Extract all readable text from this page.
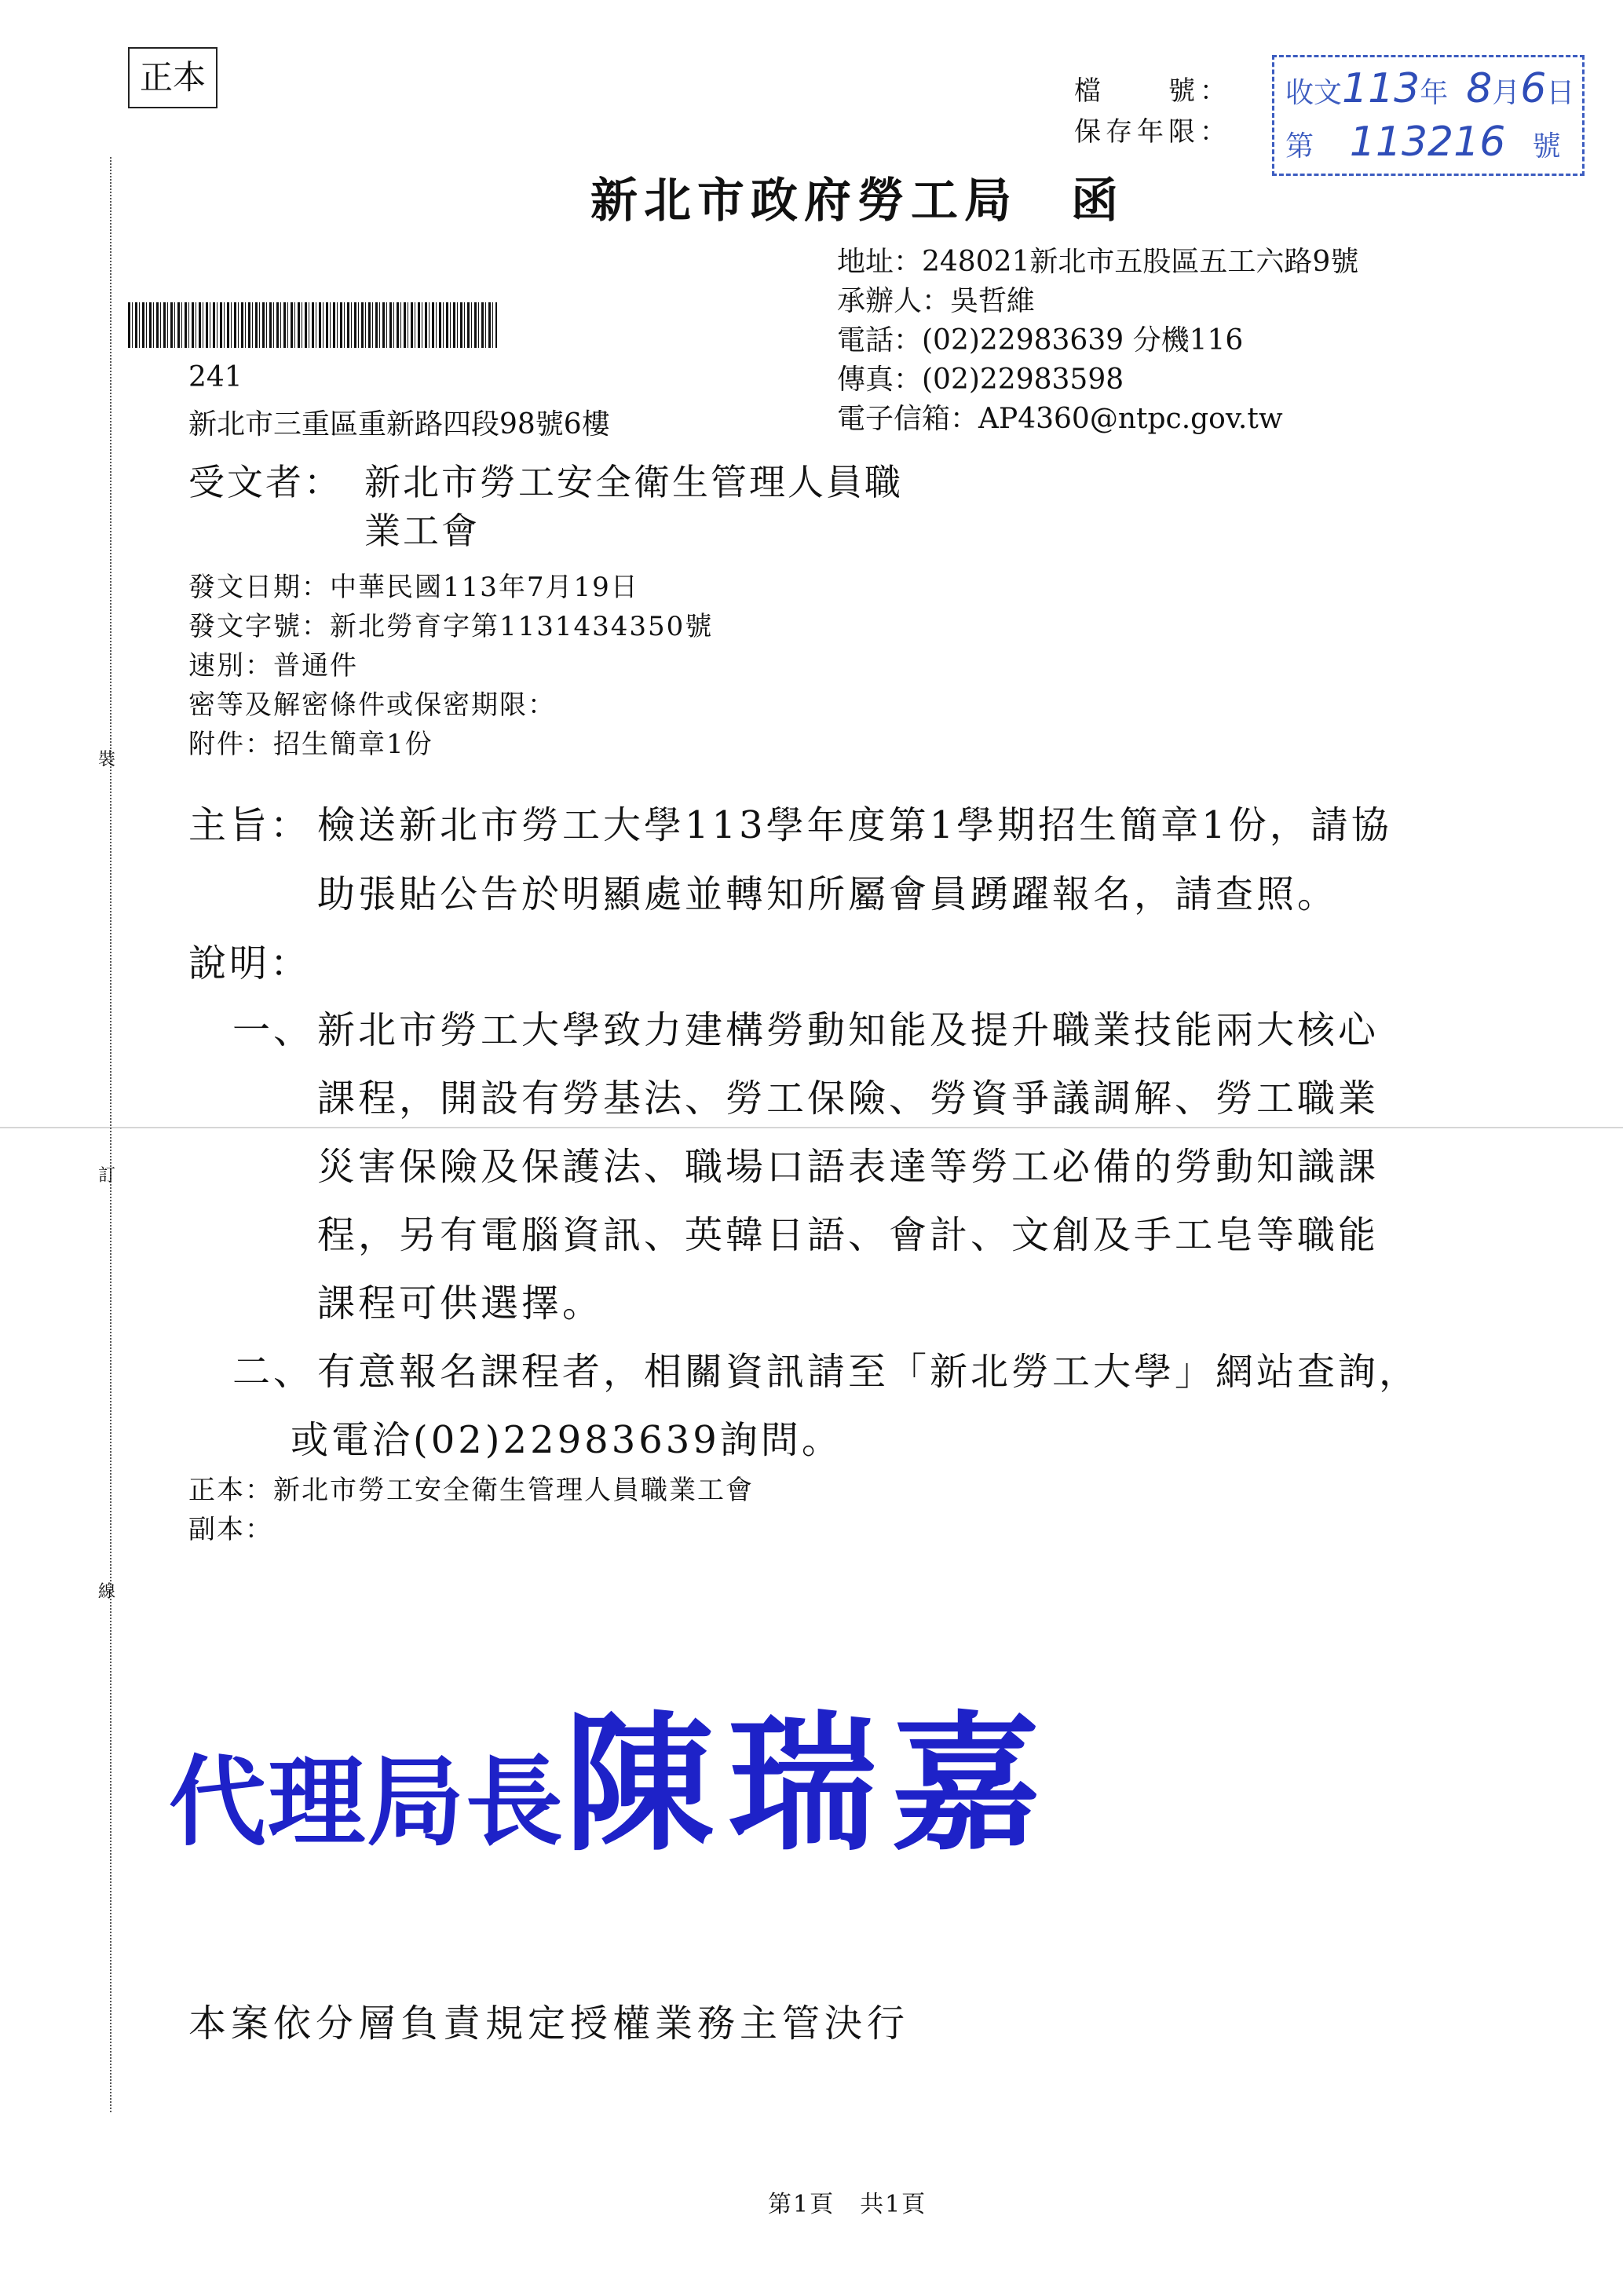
裝
訂
線
正本	檔　　號：
保存年限：
收文113年 8月6日
第 113216 號
新北市政府勞工局　函
地址：248021新北市五股區五工六路9號
承辦人：吳哲維
電話：(02)22983639 分機116
傳真：(02)22983598
電子信箱：AP4360@ntpc.gov.tw
241
新北市三重區重新路四段98號6樓
受文者： 新北市勞工安全衛生管理人員職
業工會
發文日期：中華民國113年7月19日
發文字號：新北勞育字第1131434350號
速別：普通件
密等及解密條件或保密期限：
附件：招生簡章1份
主旨： 檢送新北市勞工大學113學年度第1學期招生簡章1份，請協
助張貼公告於明顯處並轉知所屬會員踴躍報名，請查照。
說明：
一、 新北市勞工大學致力建構勞動知能及提升職業技能兩大核心
課程，開設有勞基法、勞工保險、勞資爭議調解、勞工職業
災害保險及保護法、職場口語表達等勞工必備的勞動知識課
程，另有電腦資訊、英韓日語、會計、文創及手工皂等職能
課程可供選擇。
二、 有意報名課程者，相關資訊請至「新北勞工大學」網站查詢，
或電洽(02)22983639詢問。
正本：新北市勞工安全衛生管理人員職業工會
副本：
代理局長陳瑞嘉
本案依分層負責規定授權業務主管決行
第1頁　共1頁
